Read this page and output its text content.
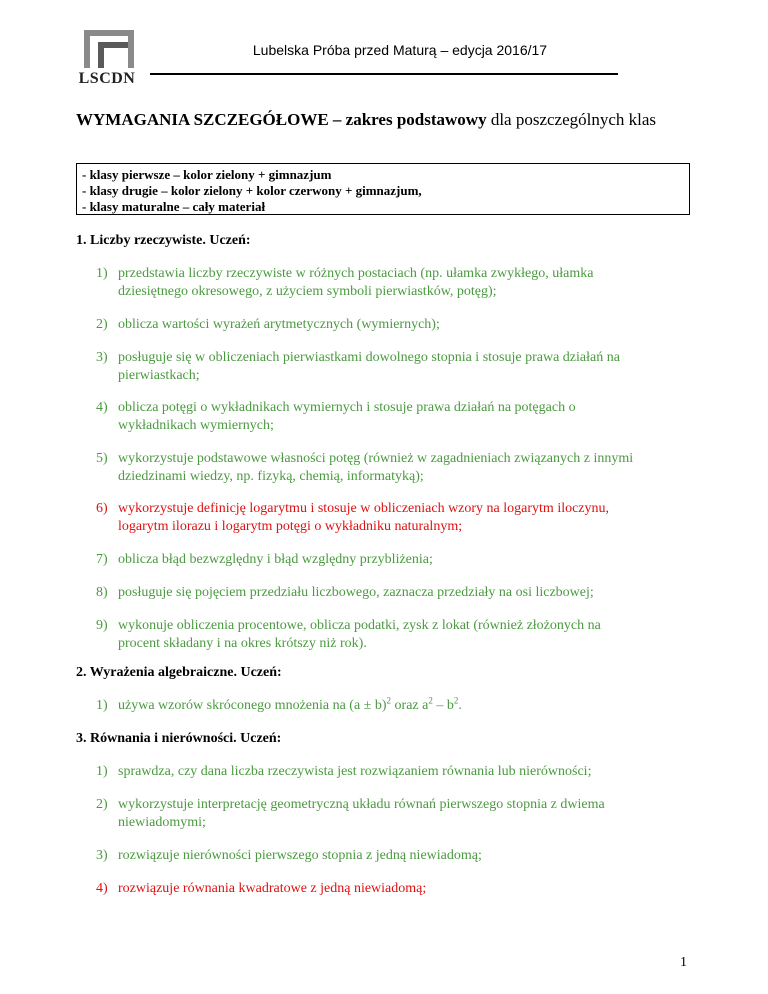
LSCDN
Lubelska Próba przed Maturą – edycja 2016/17
WYMAGANIA SZCZEGÓŁOWE – zakres podstawowy dla poszczególnych klas
- klasy pierwsze – kolor zielony + gimnazjum
- klasy drugie – kolor zielony + kolor czerwony + gimnazjum,
- klasy maturalne – cały materiał
1. Liczby rzeczywiste. Uczeń:
1) przedstawia liczby rzeczywiste w różnych postaciach (np. ułamka zwykłego, ułamka
dziesiętnego okresowego, z użyciem symboli pierwiastków, potęg);
2) oblicza wartości wyrażeń arytmetycznych (wymiernych);
3) posługuje się w obliczeniach pierwiastkami dowolnego stopnia i stosuje prawa działań na
pierwiastkach;
4) oblicza potęgi o wykładnikach wymiernych i stosuje prawa działań na potęgach o
wykładnikach wymiernych;
5) wykorzystuje podstawowe własności potęg (również w zagadnieniach związanych z innymi
dziedzinami wiedzy, np. fizyką, chemią, informatyką);
6) wykorzystuje definicję logarytmu i stosuje w obliczeniach wzory na logarytm iloczynu,
logarytm ilorazu i logarytm potęgi o wykładniku naturalnym;
7) oblicza błąd bezwzględny i błąd względny przybliżenia;
8) posługuje się pojęciem przedziału liczbowego, zaznacza przedziały na osi liczbowej;
9) wykonuje obliczenia procentowe, oblicza podatki, zysk z lokat (również złożonych na
procent składany i na okres krótszy niż rok).
2. Wyrażenia algebraiczne. Uczeń:
1) używa wzorów skróconego mnożenia na $(a \pm b)^2$ oraz $a^2 - b^2$.
3. Równania i nierówności. Uczeń:
1) sprawdza, czy dana liczba rzeczywista jest rozwiązaniem równania lub nierówności;
2) wykorzystuje interpretację geometryczną układu równań pierwszego stopnia z dwiema
niewiadomymi;
3) rozwiązuje nierówności pierwszego stopnia z jedną niewiadomą;
4) rozwiązuje równania kwadratowe z jedną niewiadomą;
1
